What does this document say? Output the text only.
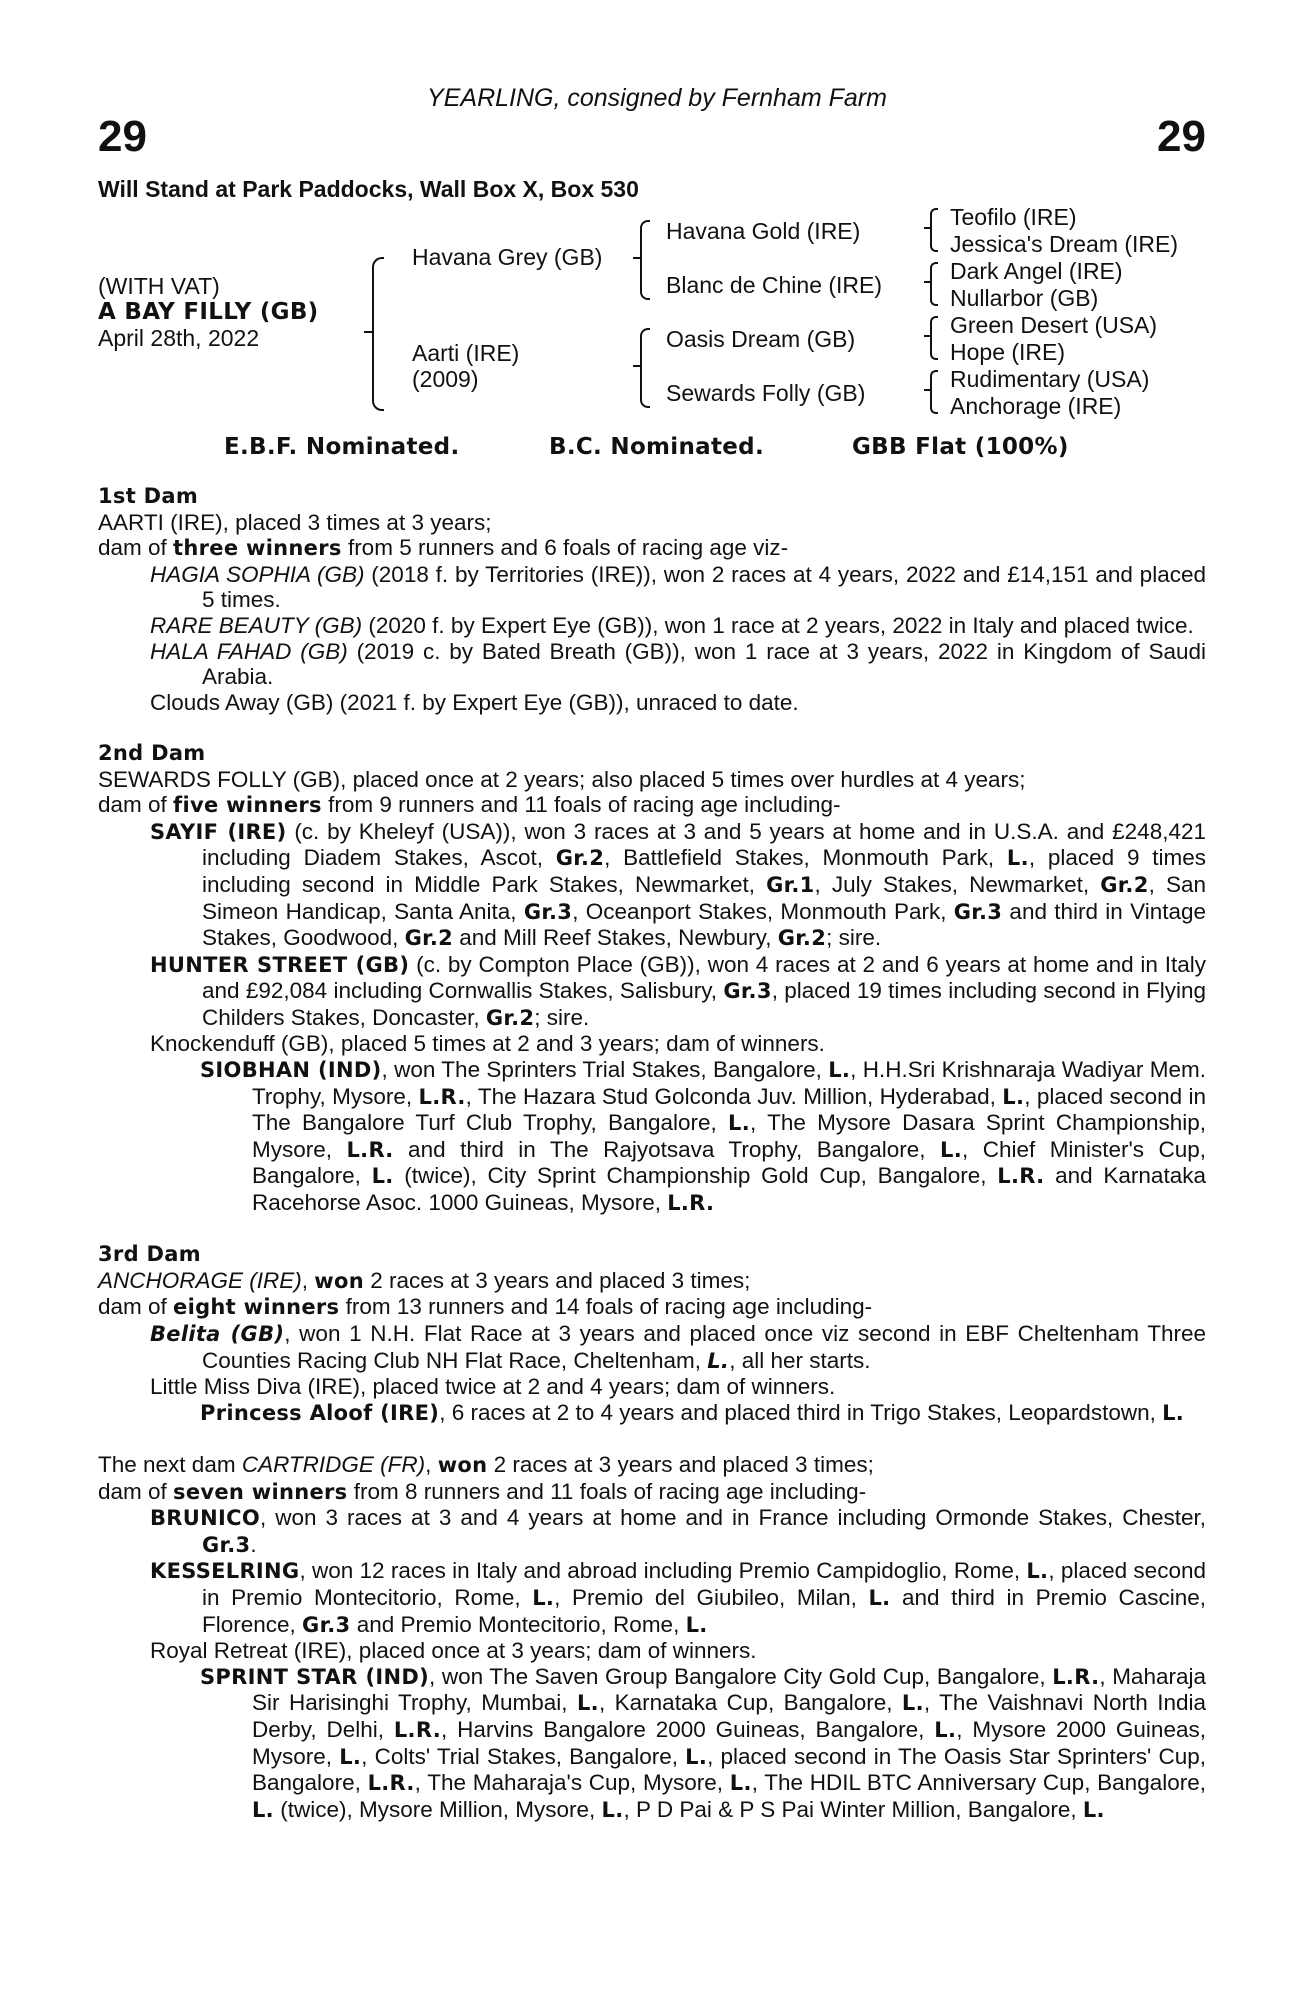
YEARLING, consigned by Fernham Farm
29	29
Will Stand at Park Paddocks, Wall Box X, Box 530
(WITH VAT)
A BAY FILLY (GB)
April 28th, 2022
Havana Grey (GB)
Aarti (IRE)
(2009)
Havana Gold (IRE)
Blanc de Chine (IRE)
Oasis Dream (GB)
Sewards Folly (GB)
Teofilo (IRE)
Jessica's Dream (IRE)
Dark Angel (IRE)
Nullarbor (GB)
Green Desert (USA)
Hope (IRE)
Rudimentary (USA)
Anchorage (IRE)
E.B.F. Nominated.	B.C. Nominated.	GBB Flat (100%)

1st Dam

AARTI (IRE), placed 3 times at 3 years;

dam of three winners from 5 runners and 6 foals of racing age viz-

HAGIA SOPHIA (GB) (2018 f. by Territories (IRE)), won 2 races at 4 years, 2022 and £14,151 and placed 5 times.

RARE BEAUTY (GB) (2020 f. by Expert Eye (GB)), won 1 race at 2 years, 2022 in Italy and placed twice.

HALA FAHAD (GB) (2019 c. by Bated Breath (GB)), won 1 race at 3 years, 2022 in Kingdom of Saudi Arabia.

Clouds Away (GB) (2021 f. by Expert Eye (GB)), unraced to date.

2nd Dam

SEWARDS FOLLY (GB), placed once at 2 years; also placed 5 times over hurdles at 4 years;

dam of five winners from 9 runners and 11 foals of racing age including-

SAYIF (IRE) (c. by Kheleyf (USA)), won 3 races at 3 and 5 years at home and in U.S.A. and £248,421 including Diadem Stakes, Ascot, Gr.2, Battlefield Stakes, Monmouth Park, L., placed 9 times including second in Middle Park Stakes, Newmarket, Gr.1, July Stakes, Newmarket, Gr.2, San Simeon Handicap, Santa Anita, Gr.3, Oceanport Stakes, Monmouth Park, Gr.3 and third in Vintage Stakes, Goodwood, Gr.2 and Mill Reef Stakes, Newbury, Gr.2; sire.

HUNTER STREET (GB) (c. by Compton Place (GB)), won 4 races at 2 and 6 years at home and in Italy and £92,084 including Cornwallis Stakes, Salisbury, Gr.3, placed 19 times including second in Flying Childers Stakes, Doncaster, Gr.2; sire.

Knockenduff (GB), placed 5 times at 2 and 3 years; dam of winners.

SIOBHAN (IND), won The Sprinters Trial Stakes, Bangalore, L., H.H.Sri Krishnaraja Wadiyar Mem. Trophy, Mysore, L.R., The Hazara Stud Golconda Juv. Million, Hyderabad, L., placed second in The Bangalore Turf Club Trophy, Bangalore, L., The Mysore Dasara Sprint Championship, Mysore, L.R. and third in The Rajyotsava Trophy, Bangalore, L., Chief Minister's Cup, Bangalore, L. (twice), City Sprint Championship Gold Cup, Bangalore, L.R. and Karnataka Racehorse Asoc. 1000 Guineas, Mysore, L.R.

3rd Dam

ANCHORAGE (IRE), won 2 races at 3 years and placed 3 times;

dam of eight winners from 13 runners and 14 foals of racing age including-

Belita (GB), won 1 N.H. Flat Race at 3 years and placed once viz second in EBF Cheltenham Three Counties Racing Club NH Flat Race, Cheltenham, L., all her starts.

Little Miss Diva (IRE), placed twice at 2 and 4 years; dam of winners.

Princess Aloof (IRE), 6 races at 2 to 4 years and placed third in Trigo Stakes, Leopardstown, L.

The next dam CARTRIDGE (FR), won 2 races at 3 years and placed 3 times;

dam of seven winners from 8 runners and 11 foals of racing age including-

BRUNICO, won 3 races at 3 and 4 years at home and in France including Ormonde Stakes, Chester, Gr.3.

KESSELRING, won 12 races in Italy and abroad including Premio Campidoglio, Rome, L., placed second in Premio Montecitorio, Rome, L., Premio del Giubileo, Milan, L. and third in Premio Cascine, Florence, Gr.3 and Premio Montecitorio, Rome, L.

Royal Retreat (IRE), placed once at 3 years; dam of winners.

SPRINT STAR (IND), won The Saven Group Bangalore City Gold Cup, Bangalore, L.R., Maharaja Sir Harisinghi Trophy, Mumbai, L., Karnataka Cup, Bangalore, L., The Vaishnavi North India Derby, Delhi, L.R., Harvins Bangalore 2000 Guineas, Bangalore, L., Mysore 2000 Guineas, Mysore, L., Colts' Trial Stakes, Bangalore, L., placed second in The Oasis Star Sprinters' Cup, Bangalore, L.R., The Maharaja's Cup, Mysore, L., The HDIL BTC Anniversary Cup, Bangalore, L. (twice), Mysore Million, Mysore, L., P D Pai & P S Pai Winter Million, Bangalore, L.
